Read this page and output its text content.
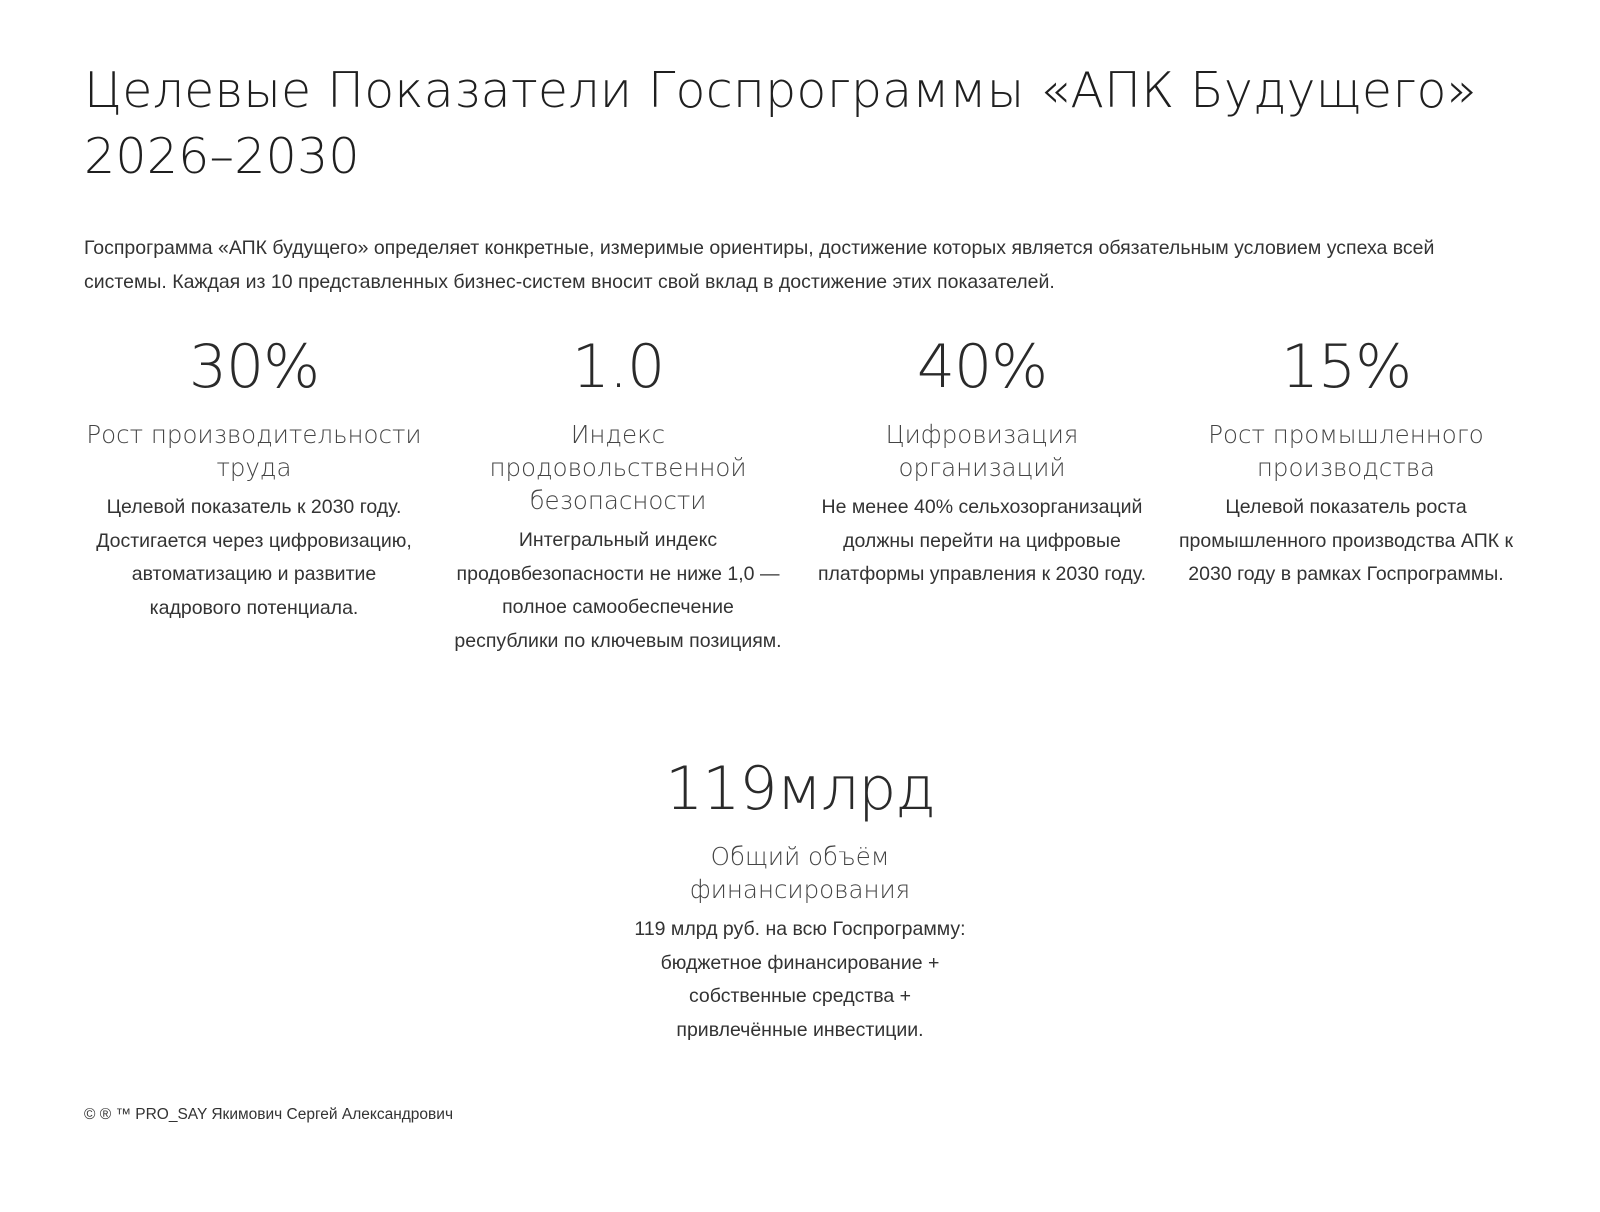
Целевые Показатели Госпрограммы «АПК Будущего» 2026–2030

Госпрограмма «АПК будущего» определяет конкретные, измеримые ориентиры, достижение которых является обязательным условием успеха всей системы. Каждая из 10 представленных бизнес-систем вносит свой вклад в достижение этих показателей.

30%
Рост производительности труда
Целевой показатель к 2030 году. Достигается через цифровизацию, автоматизацию и развитие кадрового потенциала.
1.0
Индекс продовольственной безопасности
Интегральный индекс продовбезопасности не ниже 1,0 — полное самообеспечение республики по ключевым позициям.
40%
Цифровизация организаций
Не менее 40% сельхозорганизаций должны перейти на цифровые платформы управления к 2030 году.
15%
Рост промышленного производства
Целевой показатель роста промышленного производства АПК к 2030 году в рамках Госпрограммы.
119млрд
Общий объём финансирования
119 млрд руб. на всю Госпрограмму: бюджетное финансирование + собственные средства + привлечённые инвестиции.
© ® ™ PRO_SAY Якимович Сергей Александрович
